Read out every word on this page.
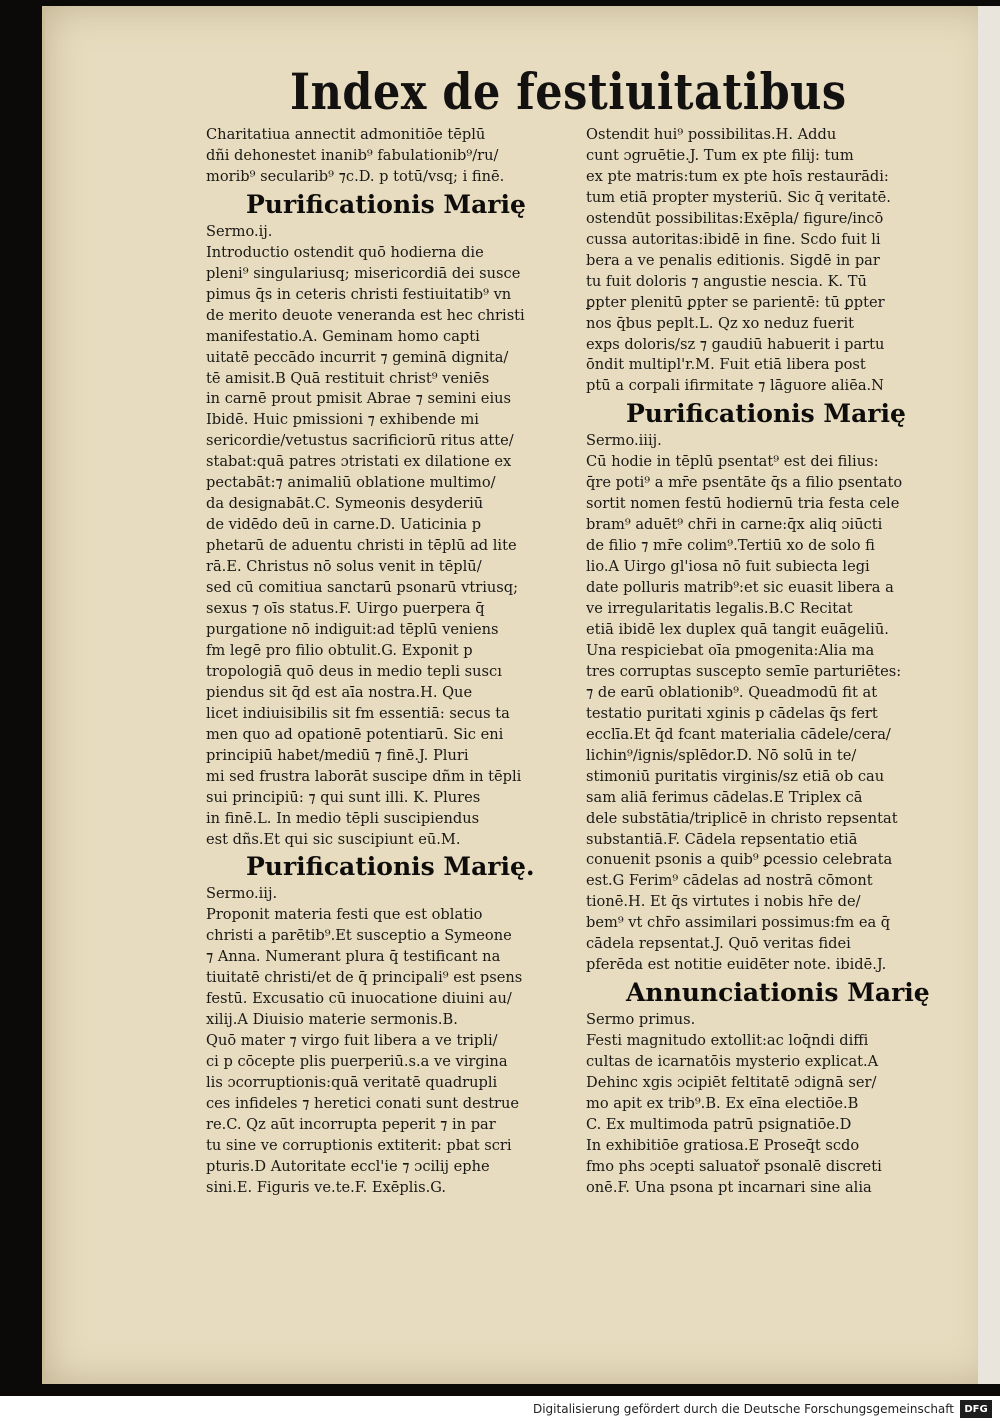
Index de festiuitatibus
Charitatiua annectit admonitiōe tēplū
dñi dehonestet inanib⁹ fabulationib⁹/ru/
morib⁹ secularib⁹ ⁊c.D. p totū/vsq; i finē.
Purificationis Marię
Sermo.ij.
Introductio ostendit quō hodierna die
pleni⁹ singulariusq; misericordiā dei susce
pimus q̄s in ceteris christi festiuitatib⁹ vn
de merito deuote veneranda est hec christi
manifestatio.A. Geminam homo capti
uitatē peccādo incurrit ⁊ geminā dignita/
tē amisit.B Quā restituit christ⁹ veniēs
in carnē prout pmisit Abrae ⁊ semini eius
Ibidē. Huic pmissioni ⁊ exhibende mi
sericordie/vetustus sacrificiorū ritus atte/
stabat:quā patres ɔtristati ex dilatione ex
pectabāt:⁊ animaliū oblatione multimo/
da designabāt.C. Symeonis desyderiū
de vidēdo deū in carne.D. Uaticinia p
phetarū de aduentu christi in tēplū ad lite
rā.E. Christus nō solus venit in tēplū/
sed cū comitiua sanctarū psonarū vtriusq;
sexus ⁊ oīs status.F. Uirgo puerpera q̄
purgatione nō indiguit:ad tēplū veniens
fm legē pro filio obtulit.G. Exponit p
tropologiā quō deus in medio tepli suscı
piendus sit q̄d est aīa nostra.H. Que
licet indiuisibilis sit fm essentiā: secus ta
men quo ad opationē potentiarū. Sic eni
principiū habet/mediū ⁊ finē.J. Pluri
mi sed frustra laborāt suscipe dñm in tēpli
sui principiū: ⁊ qui sunt illi. K. Plures
in finē.L. In medio tēpli suscipiendus
est dñs.Et qui sic suscipiunt eū.M.
Purificationis Marię.
Sermo.iij.
Proponit materia festi que est oblatio
christi a parētib⁹.Et susceptio a Symeone
⁊ Anna. Numerant plura q̄ testificant na
tiuitatē christi/et de q̄ principali⁹ est psens
festū. Excusatio cū inuocatione diuini au/
xilij.A Diuisio materie sermonis.B.
Quō mater ⁊ virgo fuit libera a ve tripli/
ci p cōcepte plis puerperiū.s.a ve virgina
lis ɔcorruptionis:quā veritatē quadrupli
ces infideles ⁊ heretici conati sunt destrue
re.C. Qz aūt incorrupta peperit ⁊ in par
tu sine ve corruptionis extiterit: pbat scri
pturis.D Autoritate eccl'ie ⁊ ɔcilij ephe
sini.E. Figuris ve.te.F. Exēplis.G.
Ostendit hui⁹ possibilitas.H. Addu
cunt ɔgruētie.J. Tum ex pte filij: tum
ex pte matris:tum ex pte hoīs restaurādi:
tum etiā propter mysteriū. Sic q̄ veritatē.
ostendūt possibilitas:Exēpla/ figure/incō
cussa autoritas:ibidē in fine. Scdo fuit li
bera a ve penalis editionis. Sigdē in par
tu fuit doloris ⁊ angustie nescia. K. Tū
ꝑpter plenitū ꝑpter se parientē: tū ꝑpter
nos q̄bus peplt.L. Qz xo neduz fuerit
exps doloris/sz ⁊ gaudiū habuerit i partu
ōndit multipl'r.M. Fuit etiā libera post
ptū a corpali ifirmitate ⁊ lāguore aliēa.N
Purificationis Marię
Sermo.iiij.
Cū hodie in tēplū psentat⁹ est dei filius:
q̄re poti⁹ a mr̄e psentāte q̄s a filio psentato
sortit nomen festū hodiernū tria festa cele
bram⁹ aduēt⁹ chr̄i in carne:q̄x aliq ɔiūcti
de filio ⁊ mr̄e colim⁹.Tertiū xo de solo fi
lio.A Uirgo gl'iosa nō fuit subiecta legi
date polluris matrib⁹:et sic euasit libera a
ve irregularitatis legalis.B.C Recitat
etiā ibidē lex duplex quā tangit euāgeliū.
Una respiciebat oīa pmogenita:Alia ma
tres corruptas suscepto semīe parturiētes:
⁊ de earū oblationib⁹. Queadmodū fit at
testatio puritati xginis p cādelas q̄s fert
ecclīa.Et q̄d fcant materialia cādele/cera/
lichin⁹/ignis/splēdor.D. Nō solū in te/
stimoniū puritatis virginis/sz etiā ob cau
sam aliā ferimus cādelas.E Triplex cā
dele substātia/triplicē in christo repsentat
substantiā.F. Cādela repsentatio etiā
conuenit psonis a quib⁹ ꝑcessio celebrata
est.G Ferim⁹ cādelas ad nostrā cōmont
tionē.H. Et q̄s virtutes i nobis hr̄e de/
bem⁹ vt chr̄o assimilari possimus:fm ea q̄
cādela repsentat.J. Quō veritas fidei
pferēda est notitie euidēter note. ibidē.J.
Annunciationis Marię
Sermo primus.
Festi magnitudo extollit:ac loq̄ndi diffi
cultas de icarnatōis mysterio explicat.A
Dehinc xgis ɔcipiēt feltitatē ɔdignā ser/
mo apit ex trib⁹.B. Ex eīna electiōe.B
C. Ex multimoda patrū psignatiōe.D
In exhibitiōe gratiosa.E Proseq̄t scdo
fmo phs ɔcepti saluatoř psonalē discreti
onē.F. Una psona pt incarnari sine alia
Digitalisierung gefördert durch die Deutsche Forschungsgemeinschaft	DFG
